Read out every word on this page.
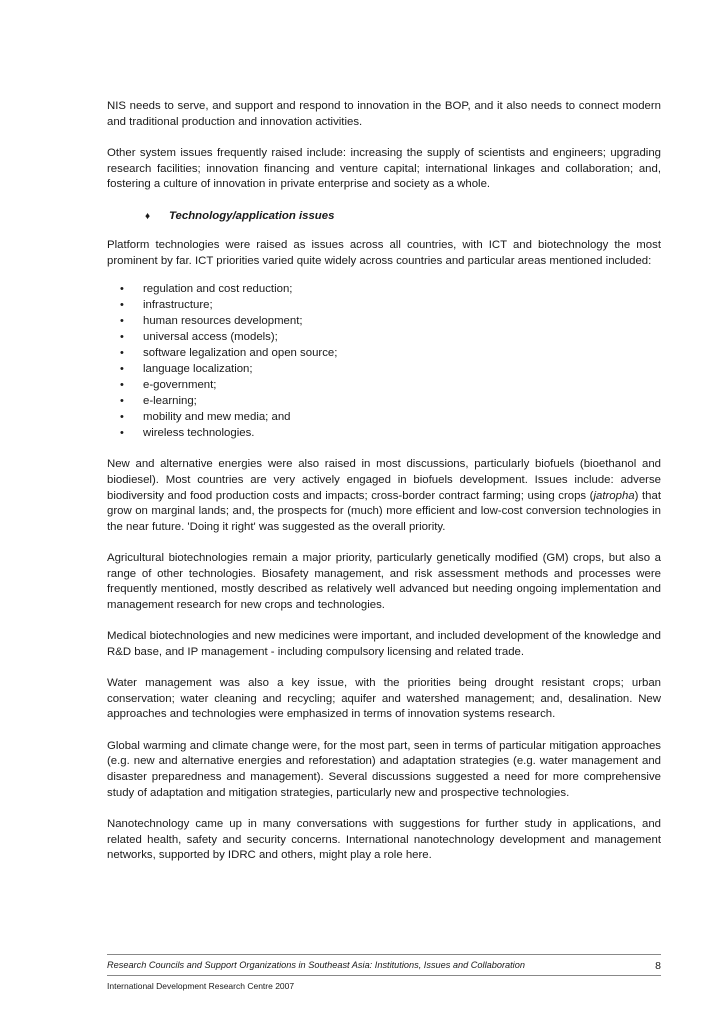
NIS needs to serve, and support and respond to innovation in the BOP, and it also needs to connect modern and traditional production and innovation activities.

Other system issues frequently raised include: increasing the supply of scientists and engineers; upgrading research facilities; innovation financing and venture capital; international linkages and collaboration; and, fostering a culture of innovation in private enterprise and society as a whole.

♦	Technology/application issues

Platform technologies were raised as issues across all countries, with ICT and biotechnology the most prominent by far. ICT priorities varied quite widely across countries and particular areas mentioned included:

•	regulation and cost reduction;
•	infrastructure;
•	human resources development;
•	universal access (models);
•	software legalization and open source;
•	language localization;
•	e-government;
•	e-learning;
•	mobility and mew media; and
•	wireless technologies.

New and alternative energies were also raised in most discussions, particularly biofuels (bioethanol and biodiesel). Most countries are very actively engaged in biofuels development. Issues include: adverse biodiversity and food production costs and impacts; cross-border contract farming; using crops (jatropha) that grow on marginal lands; and, the prospects for (much) more efficient and low-cost conversion technologies in the near future. 'Doing it right' was suggested as the overall priority.

Agricultural biotechnologies remain a major priority, particularly genetically modified (GM) crops, but also a range of other technologies. Biosafety management, and risk assessment methods and processes were frequently mentioned, mostly described as relatively well advanced but needing ongoing implementation and management research for new crops and technologies.

Medical biotechnologies and new medicines were important, and included development of the knowledge and R&D base, and IP management - including compulsory licensing and related trade.

Water management was also a key issue, with the priorities being drought resistant crops; urban conservation; water cleaning and recycling; aquifer and watershed management; and, desalination. New approaches and technologies were emphasized in terms of innovation systems research.

Global warming and climate change were, for the most part, seen in terms of particular mitigation approaches (e.g. new and alternative energies and reforestation) and adaptation strategies (e.g. water management and disaster preparedness and management). Several discussions suggested a need for more comprehensive study of adaptation and mitigation strategies, particularly new and prospective technologies.

Nanotechnology came up in many conversations with suggestions for further study in applications, and related health, safety and security concerns. International nanotechnology development and management networks, supported by IDRC and others, might play a role here.

Research Councils and Support Organizations in Southeast Asia: Institutions, Issues and Collaboration	8
International Development Research Centre 2007
